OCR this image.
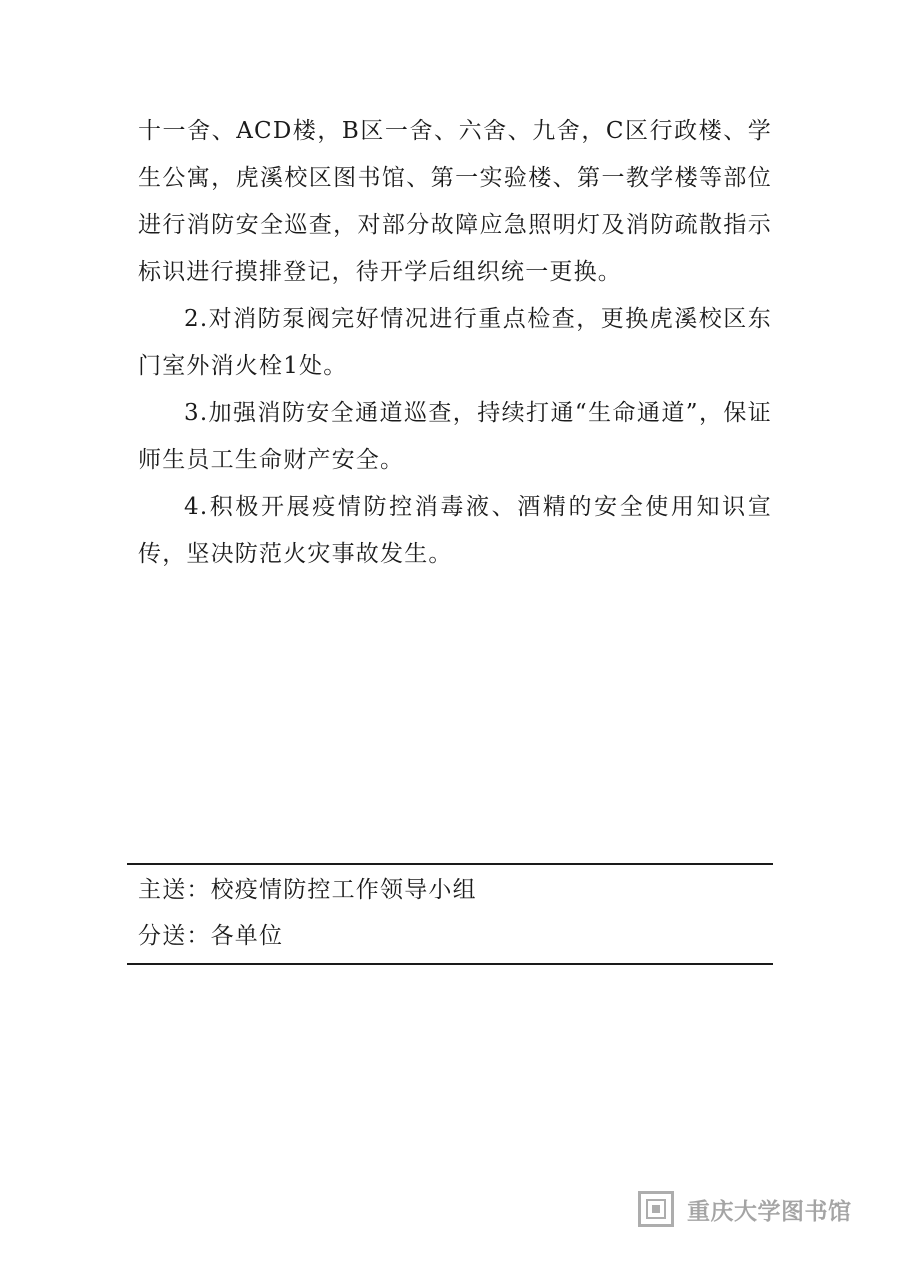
十一舍、ACD楼，B区一舍、六舍、九舍，C区行政楼、学生公寓，虎溪校区图书馆、第一实验楼、第一教学楼等部位进行消防安全巡查，对部分故障应急照明灯及消防疏散指示标识进行摸排登记，待开学后组织统一更换。

2.对消防泵阀完好情况进行重点检查，更换虎溪校区东门室外消火栓1处。

3.加强消防安全通道巡查，持续打通“生命通道”，保证师生员工生命财产安全。

4.积极开展疫情防控消毒液、酒精的安全使用知识宣传，坚决防范火灾事故发生。

主送：校疫情防控工作领导小组
分送：各单位
重庆大学图书馆
